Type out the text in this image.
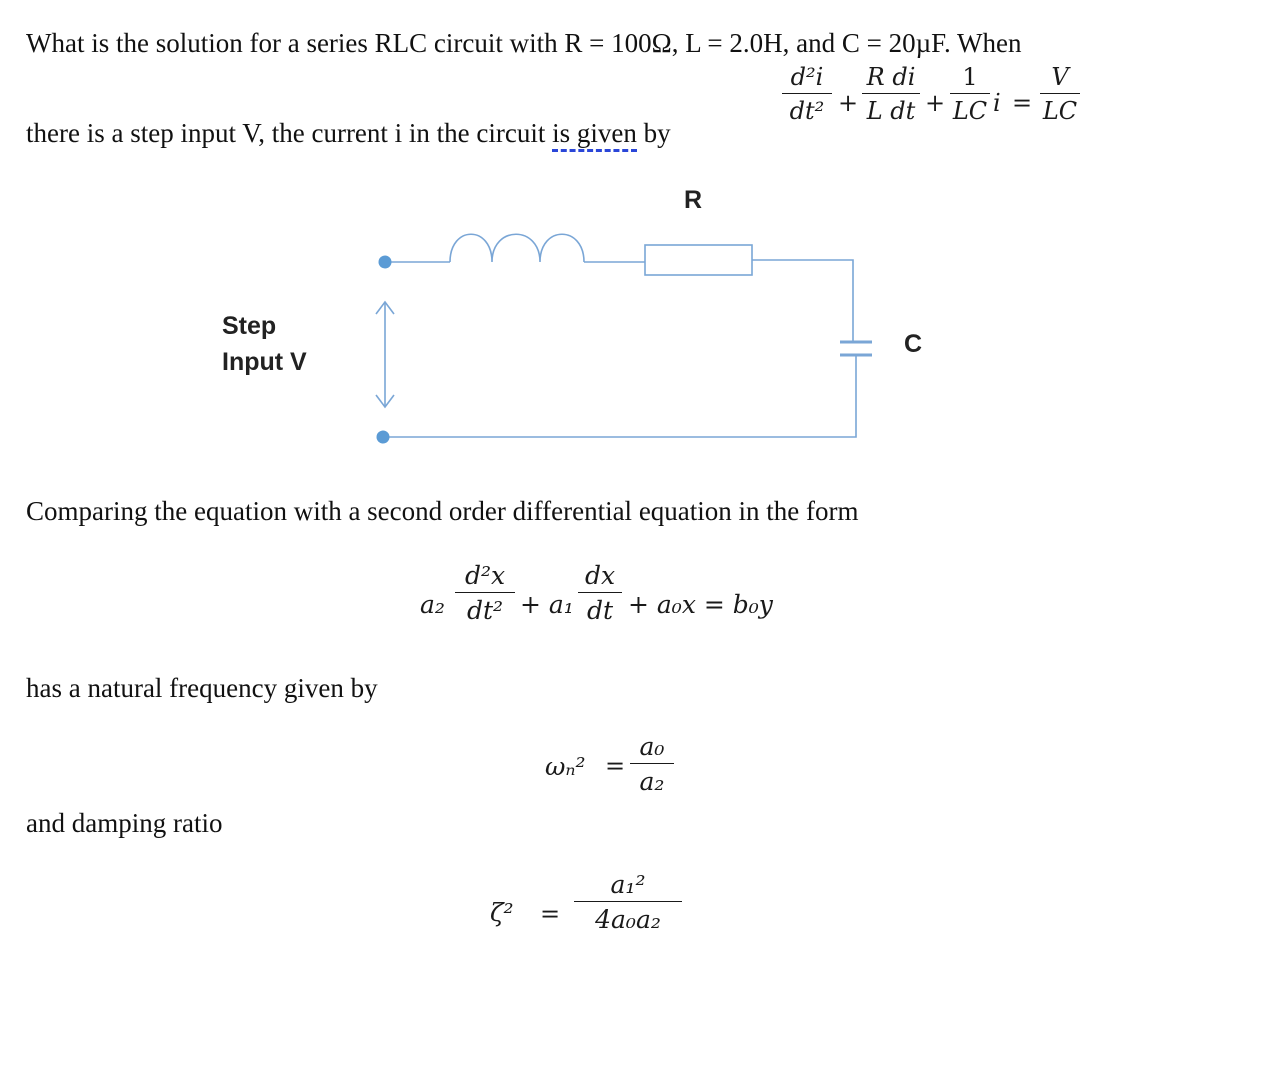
What is the solution for a series RLC circuit with R = 100Ω, L = 2.0H, and C = 20µF. When
there is a step input V, the current i in the circuit is given by
d²i
dt² +
R di
L dt +
1
LC i =
V
LC
R
C
Step
Input V
Comparing the equation with a second order differential equation in the form
a₂
d²x
dt² + a₁
dx
dt + a₀x = b₀y
has a natural frequency given by
ωₙ² =
a₀
a₂
and damping ratio
ζ² =
a₁²
4a₀a₂
